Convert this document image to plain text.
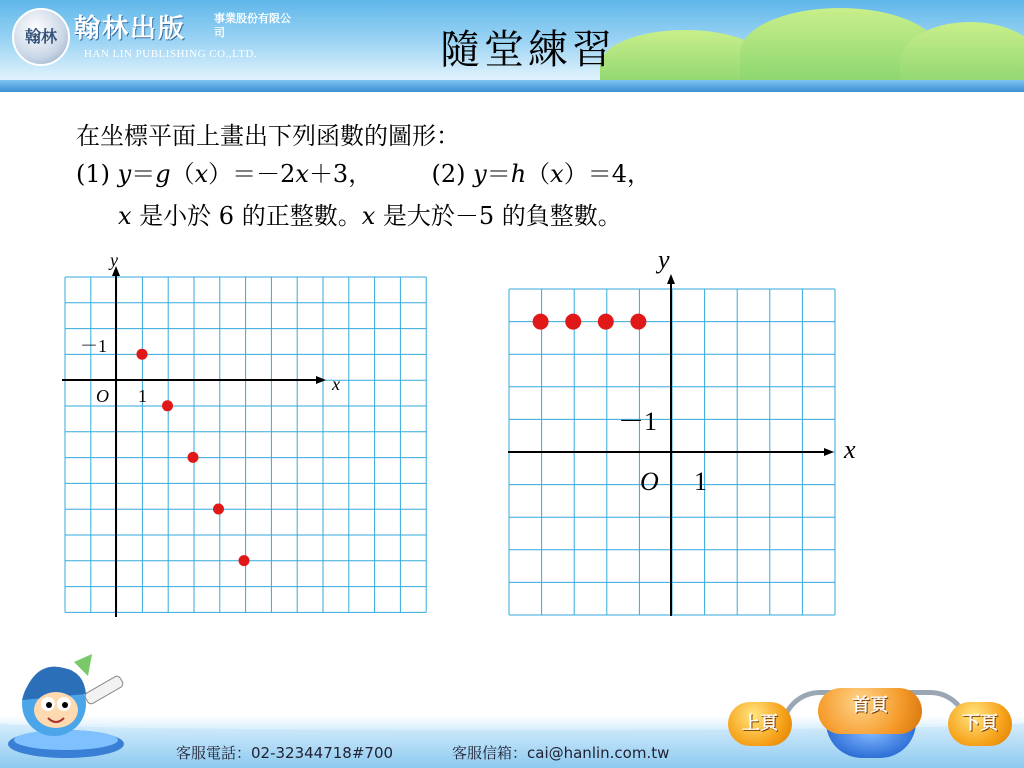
翰林 翰林出版	事業股份有限公司
HAN LIN PUBLISHING CO.,LTD.	隨堂練習
在坐標平面上畫出下列函數的圖形：
(1) y＝g（x）＝－2x＋3， (2) y＝h（x）＝4，
x 是小於 6 的正整數。x 是大於－5 的負整數。
x
y
O 1
－1
x
y
O 1
－1
客服電話：02-32344718#700	客服信箱：cai@hanlin.com.tw
上頁
首頁
下頁
